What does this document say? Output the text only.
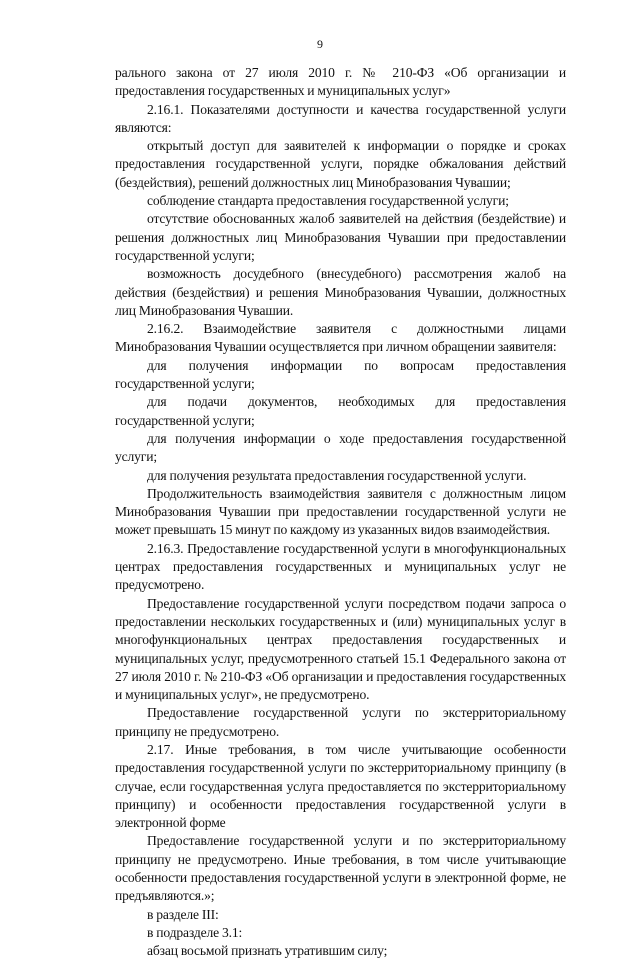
9

рального закона от 27 июля 2010 г. № 210-ФЗ «Об организации и предоставления государственных и муниципальных услуг»

2.16.1. Показателями доступности и качества государственной услуги являются:

открытый доступ для заявителей к информации о порядке и сроках предоставления государственной услуги, порядке обжалования действий (бездействия), решений должностных лиц Минобразования Чувашии;

соблюдение стандарта предоставления государственной услуги;

отсутствие обоснованных жалоб заявителей на действия (бездействие) и решения должностных лиц Минобразования Чувашии при предоставлении государственной услуги;

возможность досудебного (внесудебного) рассмотрения жалоб на действия (бездействия) и решения Минобразования Чувашии, должностных лиц Минобразования Чувашии.

2.16.2. Взаимодействие заявителя с должностными лицами Минобразования Чувашии осуществляется при личном обращении заявителя:

для получения информации по вопросам предоставления государственной услуги;

для подачи документов, необходимых для предоставления государственной услуги;

для получения информации о ходе предоставления государственной услуги;

для получения результата предоставления государственной услуги.

Продолжительность взаимодействия заявителя с должностным лицом Минобразования Чувашии при предоставлении государственной услуги не может превышать 15 минут по каждому из указанных видов взаимодействия.

2.16.3. Предоставление государственной услуги в многофункциональных центрах предоставления государственных и муниципальных услуг не предусмотрено.

Предоставление государственной услуги посредством подачи запроса о предоставлении нескольких государственных и (или) муниципальных услуг в многофункциональных центрах предоставления государственных и муниципальных услуг, предусмотренного статьей 15.1 Федерального закона от 27 июля 2010 г. № 210-ФЗ «Об организации и предоставления государственных и муниципальных услуг», не предусмотрено.

Предоставление государственной услуги по экстерриториальному принципу не предусмотрено.

2.17. Иные требования, в том числе учитывающие особенности предоставления государственной услуги по экстерриториальному принципу (в случае, если государственная услуга предоставляется по экстерриториальному принципу) и особенности предоставления государственной услуги в электронной форме

Предоставление государственной услуги и по экстерриториальному принципу не предусмотрено. Иные требования, в том числе учитывающие особенности предоставления государственной услуги в электронной форме, не предъявляются.»;

в разделе III:

в подразделе 3.1:

абзац восьмой признать утратившим силу;
